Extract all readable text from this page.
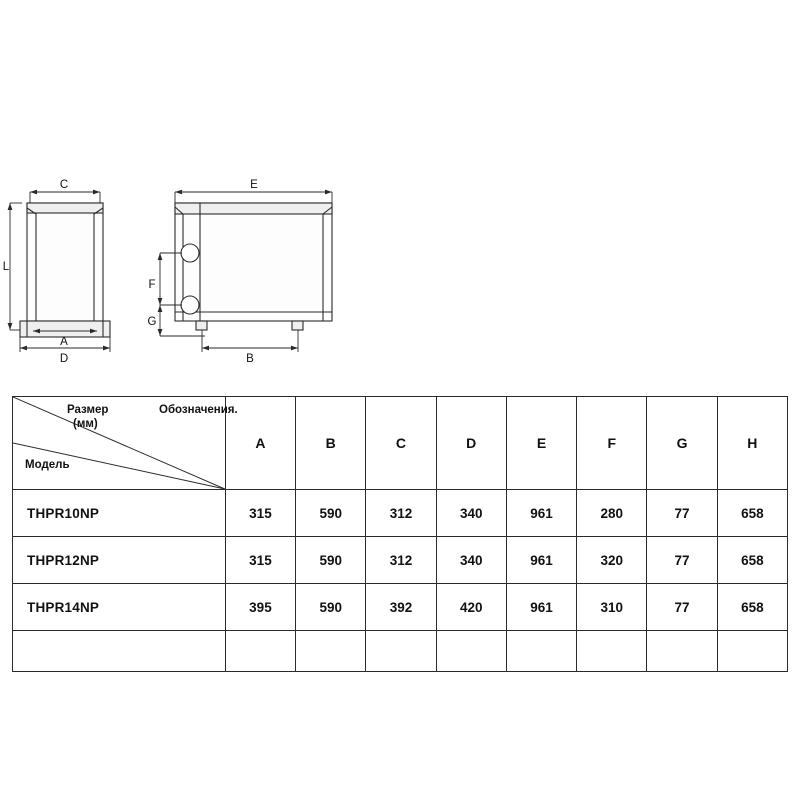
C
L
A
D
E
F
G
B
Размер
(мм)
Обозначения.
Модель	A	B	C	D	E	F	G	H
THPR10NP	315	590	312	340	961	280	77	658
THPR12NP	315	590	312	340	961	320	77	658
THPR14NP	395	590	392	420	961	310	77	658
